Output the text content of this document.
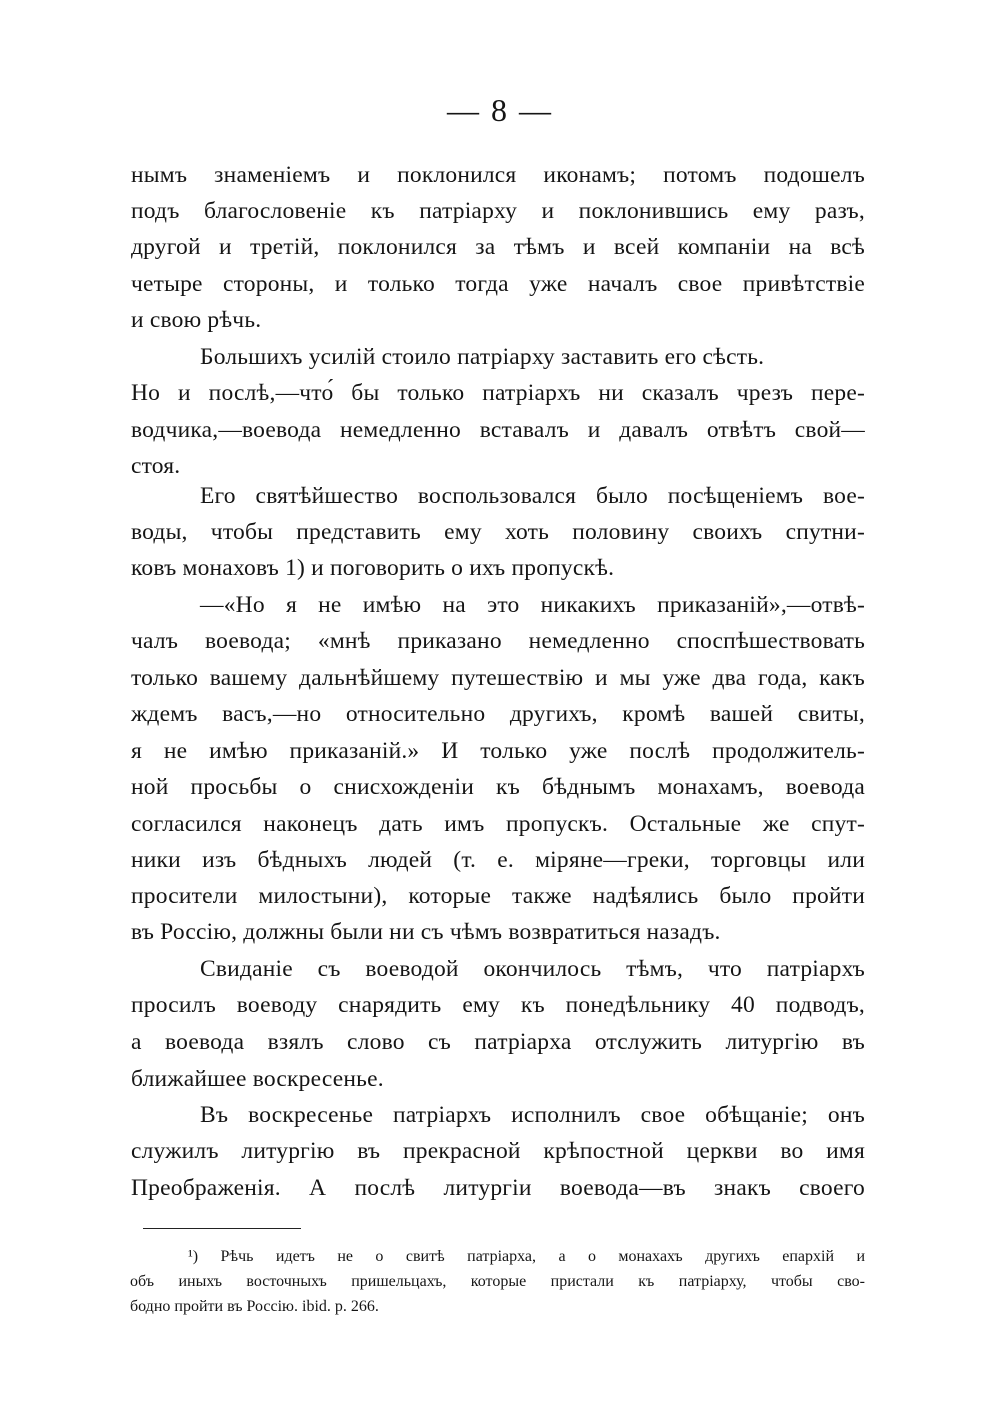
— 8 —
нымъ знаменіемъ и поклонился иконамъ; потомъ подошелъ
подъ благословеніе къ патріарху и поклонившись ему разъ,
другой и третій, поклонился за тѣмъ и всей компаніи на всѣ
четыре стороны, и только тогда уже началъ свое привѣтствіе
и свою рѣчь.
Большихъ усилій стоило патріарху заставить его сѣсть.
Но и послѣ,—что́ бы только патріархъ ни сказалъ чрезъ пере-
водчика,—воевода немедленно вставалъ и давалъ отвѣтъ свой—
стоя.
Его святѣйшество воспользовался было посѣщеніемъ вое-
воды, чтобы представить ему хоть половину своихъ спутни-
ковъ монаховъ 1) и поговорить о ихъ пропускѣ.
—«Но я не имѣю на это никакихъ приказаній»,—отвѣ-
чалъ воевода; «мнѣ приказано немедленно споспѣшествовать
только вашему дальнѣйшему путешествію и мы уже два года, какъ
ждемъ васъ,—но относительно другихъ, кромѣ вашей свиты,
я не имѣю приказаній.» И только уже послѣ продолжитель-
ной просьбы о снисхожденіи къ бѣднымъ монахамъ, воевода
согласился наконецъ дать имъ пропускъ. Остальные же спут-
ники изъ бѣдныхъ людей (т. е. міряне—греки, торговцы или
просители милостыни), которые также надѣялись было пройти
въ Россію, должны были ни съ чѣмъ возвратиться назадъ.
Свиданіе съ воеводой окончилось тѣмъ, что патріархъ
просилъ воеводу снарядить ему къ понедѣльнику 40 подводъ,
а воевода взялъ слово съ патріарха отслужить литургію въ
ближайшее воскресенье.
Въ воскресенье патріархъ исполнилъ свое обѣщаніе; онъ
служилъ литургію въ прекрасной крѣпостной церкви во имя
Преображенія. А послѣ литургіи воевода—въ знакъ своего
¹) Рѣчь идетъ не о свитѣ патріарха, а о монахахъ другихъ епархій и
объ иныхъ восточныхъ пришельцахъ, которые пристали къ патріарху, чтобы сво-
бодно пройти въ Россію. ibid. p. 266.
